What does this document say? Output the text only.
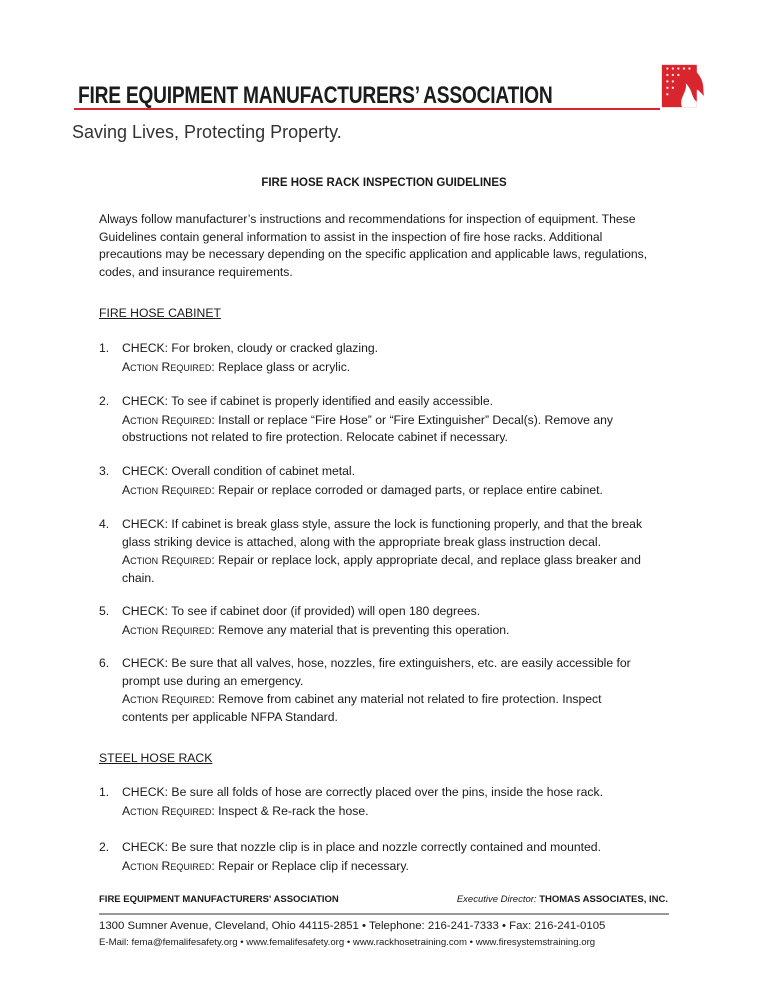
FIRE EQUIPMENT MANUFACTURERS’ ASSOCIATION
Saving Lives, Protecting Property.
FIRE HOSE RACK INSPECTION GUIDELINES
Always follow manufacturer’s instructions and recommendations for inspection of equipment. These
Guidelines contain general information to assist in the inspection of fire hose racks. Additional
precautions may be necessary depending on the specific application and applicable laws, regulations,
codes, and insurance requirements.
FIRE HOSE CABINET
1. CHECK: For broken, cloudy or cracked glazing.
Action Required: Replace glass or acrylic.
2. CHECK: To see if cabinet is properly identified and easily accessible.
Action Required: Install or replace “Fire Hose” or “Fire Extinguisher” Decal(s). Remove any
obstructions not related to fire protection. Relocate cabinet if necessary.
3. CHECK: Overall condition of cabinet metal.
Action Required: Repair or replace corroded or damaged parts, or replace entire cabinet.
4. CHECK: If cabinet is break glass style, assure the lock is functioning properly, and that the break
glass striking device is attached, along with the appropriate break glass instruction decal.
Action Required: Repair or replace lock, apply appropriate decal, and replace glass breaker and
chain.
5. CHECK: To see if cabinet door (if provided) will open 180 degrees.
Action Required: Remove any material that is preventing this operation.
6. CHECK: Be sure that all valves, hose, nozzles, fire extinguishers, etc. are easily accessible for
prompt use during an emergency.
Action Required: Remove from cabinet any material not related to fire protection. Inspect
contents per applicable NFPA Standard.
STEEL HOSE RACK
1. CHECK: Be sure all folds of hose are correctly placed over the pins, inside the hose rack.
Action Required: Inspect & Re-rack the hose.
2. CHECK: Be sure that nozzle clip is in place and nozzle correctly contained and mounted.
Action Required: Repair or Replace clip if necessary.
FIRE EQUIPMENT MANUFACTURERS' ASSOCIATION	Executive Director: THOMAS ASSOCIATES, INC.
1300 Sumner Avenue, Cleveland, Ohio 44115-2851 • Telephone: 216-241-7333 • Fax: 216-241-0105
E-Mail: fema@femalifesafety.org • www.femalifesafety.org • www.rackhosetraining.com • www.firesystemstraining.org
